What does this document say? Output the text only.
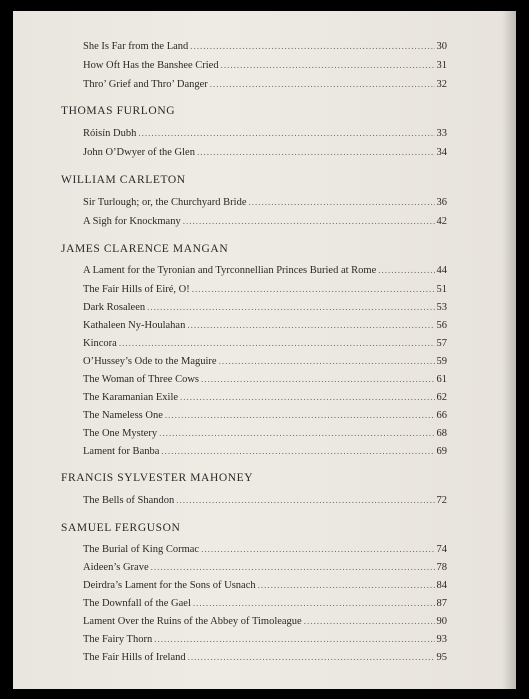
She Is Far from the Land .....	30
How Oft Has the Banshee Cried .....	31
Thro’ Grief and Thro’ Danger .....	32
THOMAS FURLONG
Róisín Dubh .....	33
John O’Dwyer of the Glen .....	34
WILLIAM CARLETON
Sir Turlough; or, the Churchyard Bride .....	36
A Sigh for Knockmany .....	42
JAMES CLARENCE MANGAN
A Lament for the Tyronian and Tyrconnellian Princes Buried at Rome .....	44
The Fair Hills of Eiré, O! .....	51
Dark Rosaleen .....	53
Kathaleen Ny-Houlahan .....	56
Kincora .....	57
O’Hussey’s Ode to the Maguire .....	59
The Woman of Three Cows .....	61
The Karamanian Exile .....	62
The Nameless One .....	66
The One Mystery .....	68
Lament for Banba .....	69
FRANCIS SYLVESTER MAHONEY
The Bells of Shandon .....	72
SAMUEL FERGUSON
The Burial of King Cormac .....	74
Aideen’s Grave .....	78
Deirdra’s Lament for the Sons of Usnach .....	84
The Downfall of the Gael .....	87
Lament Over the Ruins of the Abbey of Timoleague .....	90
The Fairy Thorn .....	93
The Fair Hills of Ireland .....	95
